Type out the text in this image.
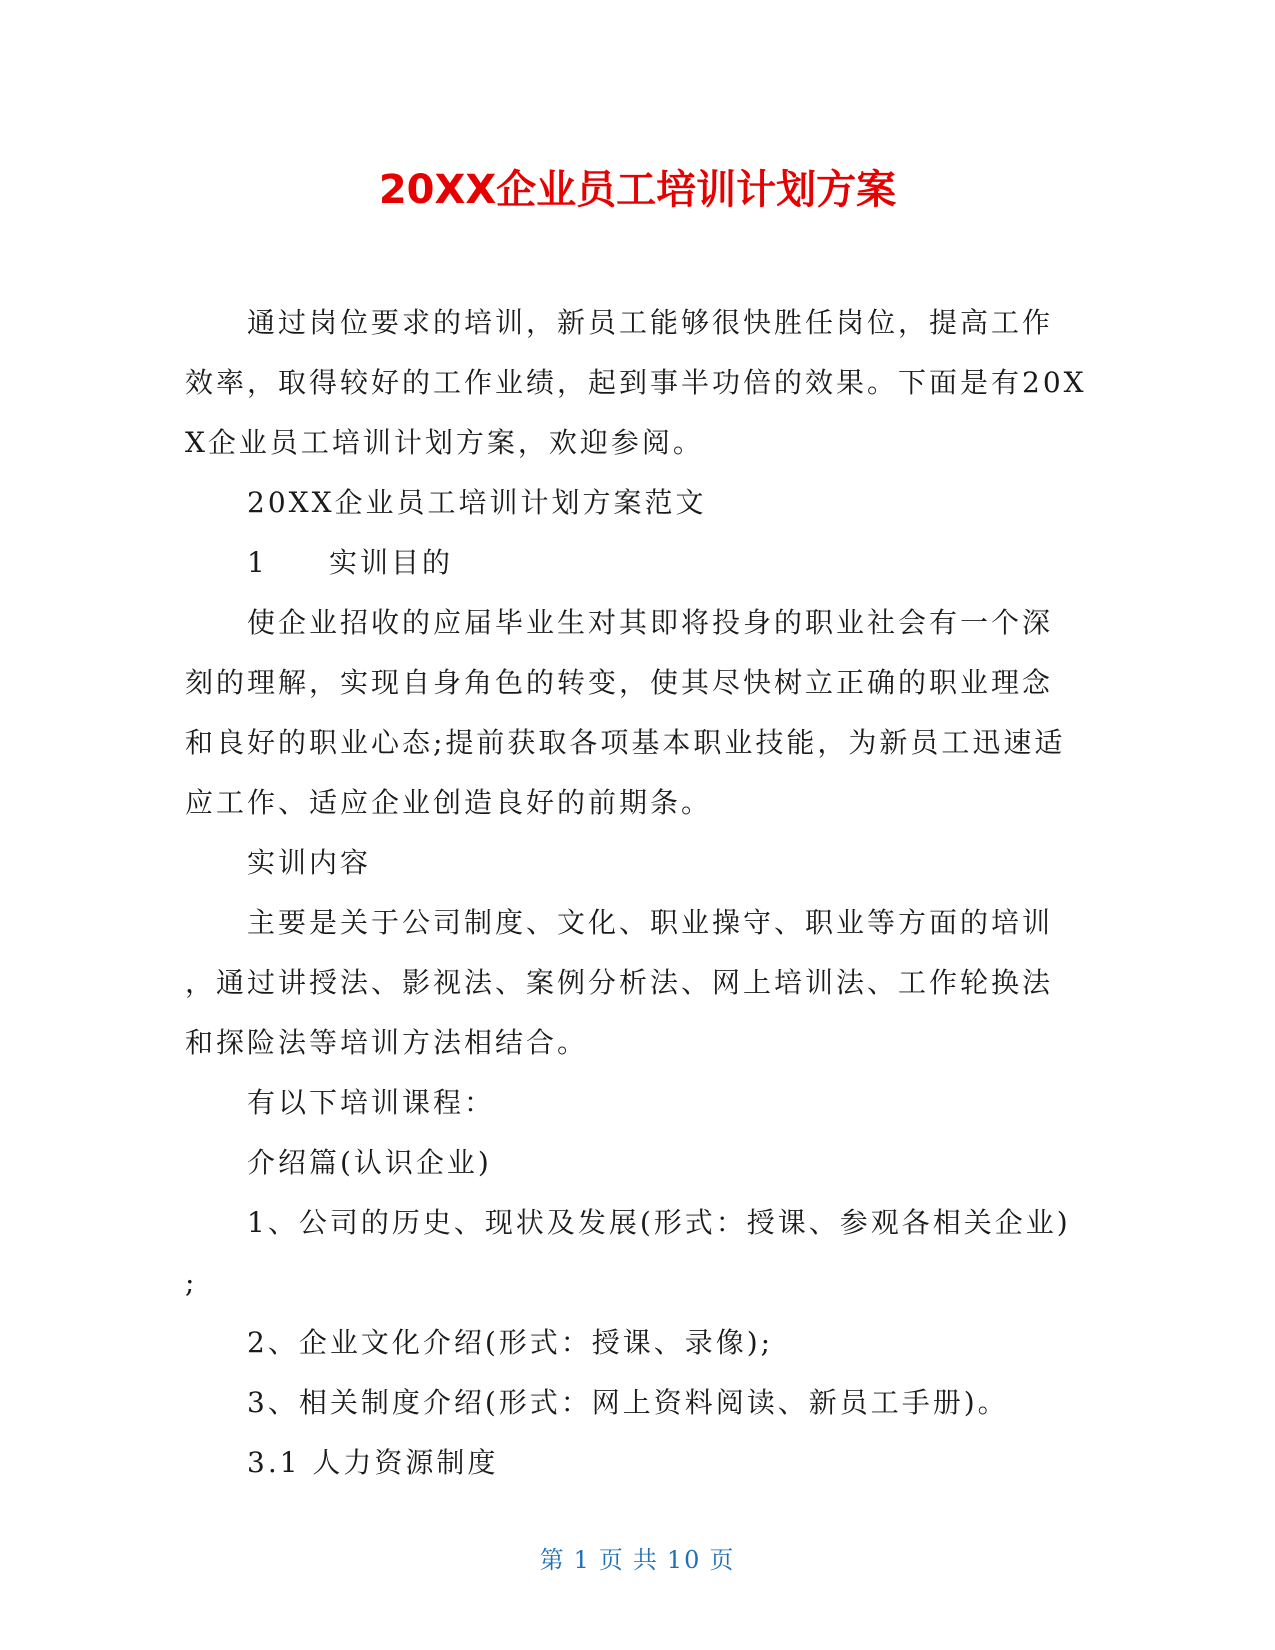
20XX企业员工培训计划方案
通过岗位要求的培训，新员工能够很快胜任岗位，提高工作
效率，取得较好的工作业绩，起到事半功倍的效果。下面是有20X
X企业员工培训计划方案，欢迎参阅。
20XX企业员工培训计划方案范文
1 实训目的
使企业招收的应届毕业生对其即将投身的职业社会有一个深
刻的理解，实现自身角色的转变，使其尽快树立正确的职业理念
和良好的职业心态;提前获取各项基本职业技能，为新员工迅速适
应工作、适应企业创造良好的前期条。
实训内容
主要是关于公司制度、文化、职业操守、职业等方面的培训
，通过讲授法、影视法、案例分析法、网上培训法、工作轮换法
和探险法等培训方法相结合。
有以下培训课程：
介绍篇(认识企业)
1、公司的历史、现状及发展(形式：授课、参观各相关企业)
;
2、企业文化介绍(形式：授课、录像);
3、相关制度介绍(形式：网上资料阅读、新员工手册)。
3.1 人力资源制度
第 1 页 共 10 页
